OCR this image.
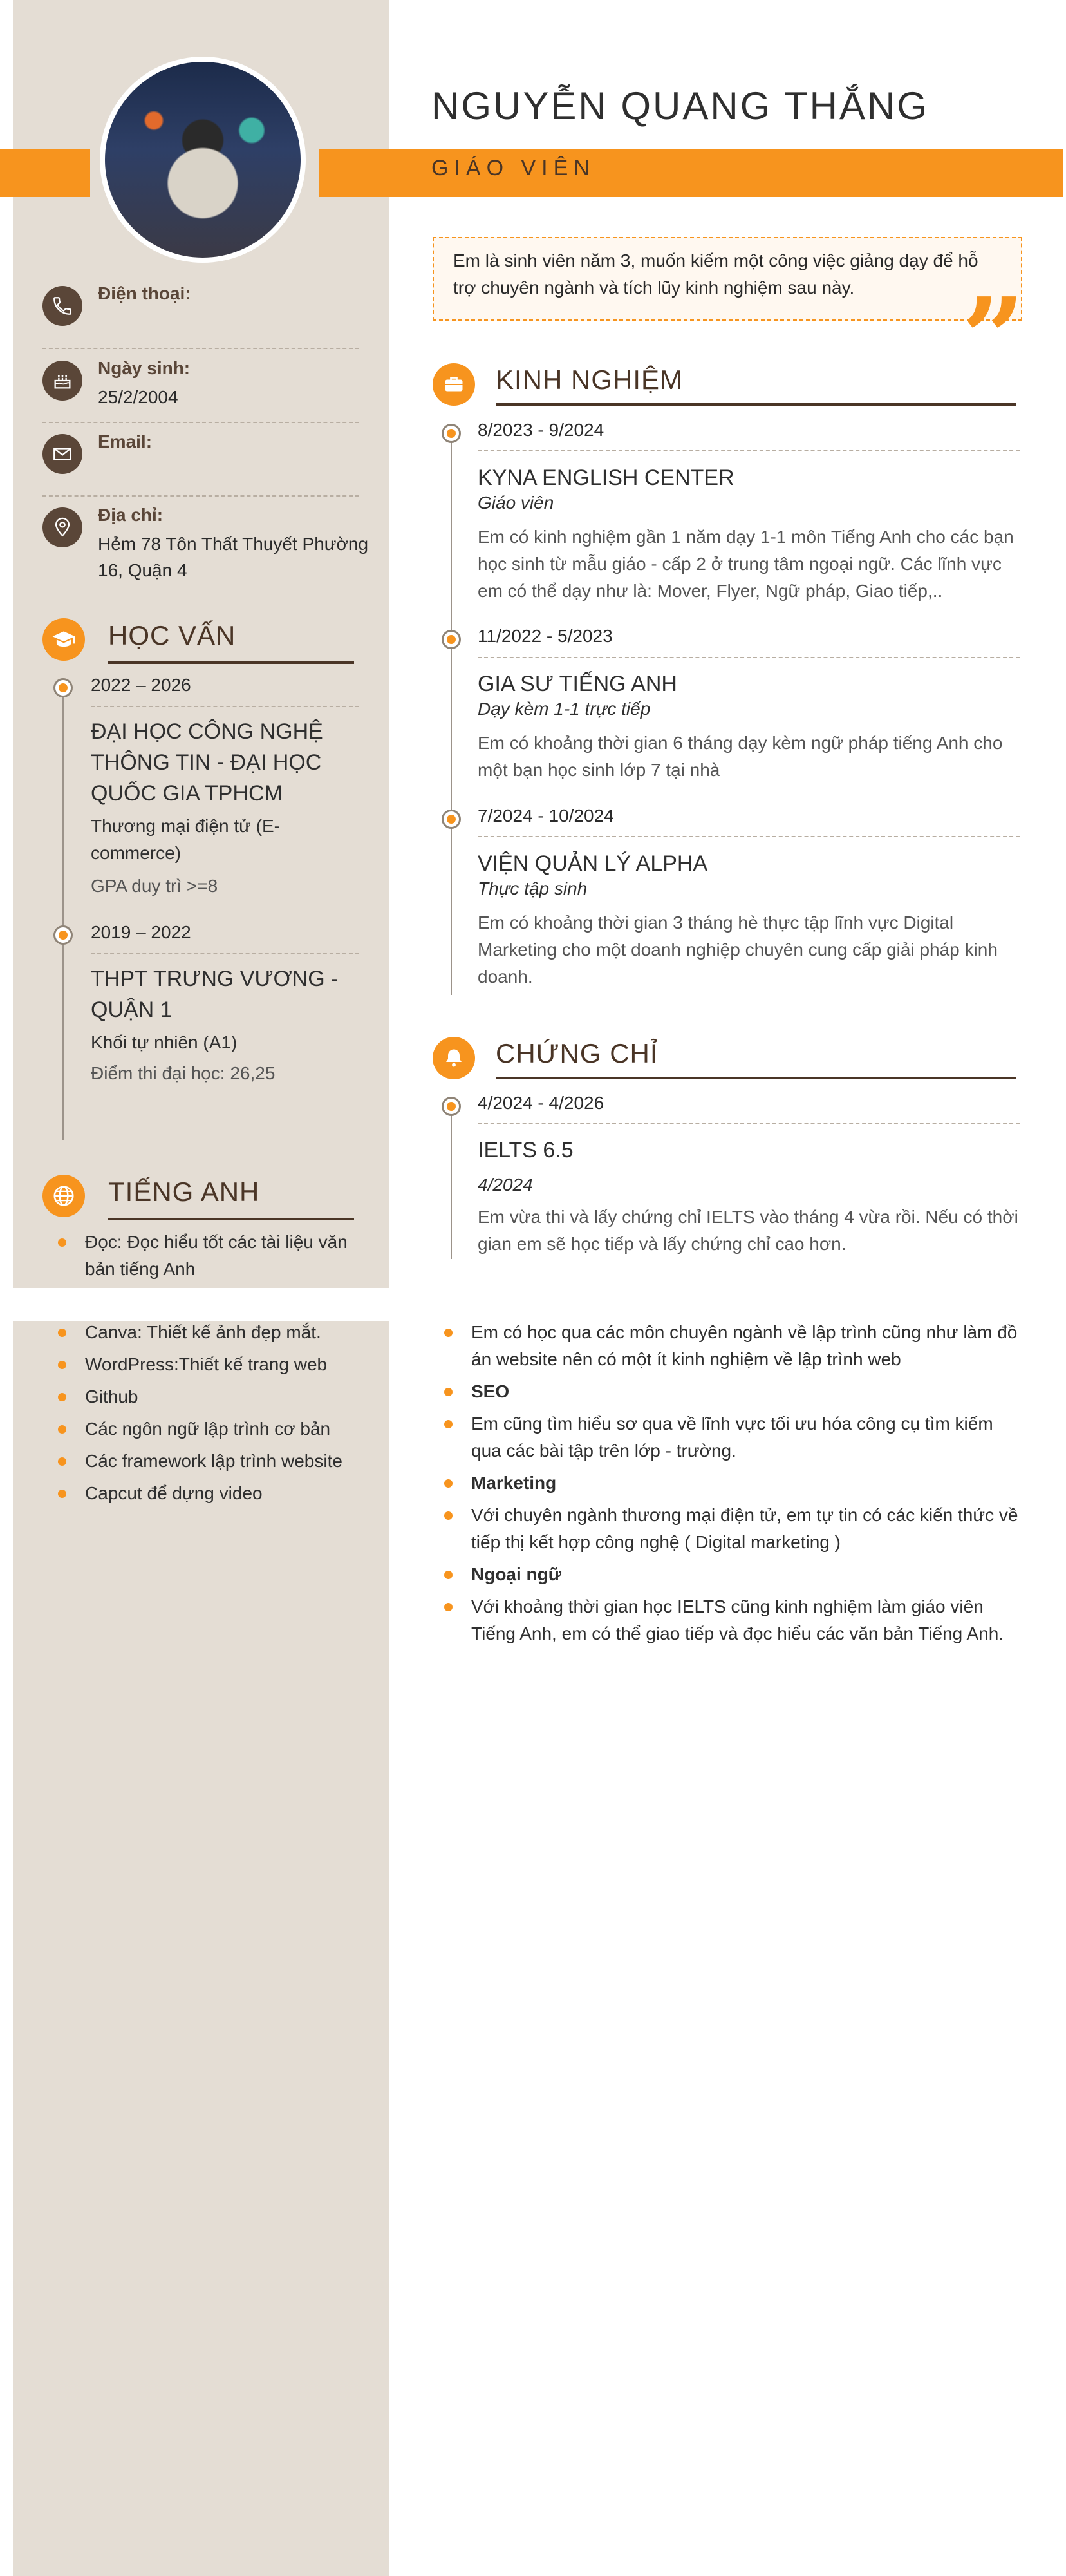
NGUYỄN QUANG THẮNG
GIÁO VIÊN
Em là sinh viên năm 3, muốn kiếm một công việc giảng dạy để hỗ trợ chuyên ngành và tích lũy kinh nghiệm sau này. ”
Điện thoại:
Ngày sinh:
25/2/2004
Email:
Địa chỉ:
Hẻm 78 Tôn Thất Thuyết Phường 16, Quận 4
HỌC VẤN
2022 – 2026
ĐẠI HỌC CÔNG NGHỆ THÔNG TIN - ĐẠI HỌC QUỐC GIA TPHCM
Thương mại điện tử (E-commerce)
GPA duy trì >=8
2019 – 2022
THPT TRƯNG VƯƠNG - QUẬN 1
Khối tự nhiên (A1)
Điểm thi đại học: 26,25
TIẾNG ANH
Đọc: Đọc hiểu tốt các tài liệu văn bản tiếng Anh
Canva: Thiết kế ảnh đẹp mắt.
WordPress:Thiết kế trang web
Github
Các ngôn ngữ lập trình cơ bản
Các framework lập trình website
Capcut để dựng video
KINH NGHIỆM
8/2023 - 9/2024
KYNA ENGLISH CENTER
Giáo viên
Em có kinh nghiệm gần 1 năm dạy 1-1 môn Tiếng Anh cho các bạn học sinh từ mẫu giáo - cấp 2 ở trung tâm ngoại ngữ. Các lĩnh vực em có thể dạy như là: Mover, Flyer, Ngữ pháp, Giao tiếp,..
11/2022 - 5/2023
GIA SƯ TIẾNG ANH
Dạy kèm 1-1 trực tiếp
Em có khoảng thời gian 6 tháng dạy kèm ngữ pháp tiếng Anh cho một bạn học sinh lớp 7 tại nhà
7/2024 - 10/2024
VIỆN QUẢN LÝ ALPHA
Thực tập sinh
Em có khoảng thời gian 3 tháng hè thực tập lĩnh vực Digital Marketing cho một doanh nghiệp chuyên cung cấp giải pháp kinh doanh.
CHỨNG CHỈ
4/2024 - 4/2026
IELTS 6.5
4/2024
Em vừa thi và lấy chứng chỉ IELTS vào tháng 4 vừa rồi. Nếu có thời gian em sẽ học tiếp và lấy chứng chỉ cao hơn.
Em có học qua các môn chuyên ngành về lập trình cũng như làm đồ án website nên có một ít kinh nghiệm về lập trình web
SEO
Em cũng tìm hiểu sơ qua về lĩnh vực tối ưu hóa công cụ tìm kiếm qua các bài tập trên lớp - trường.
Marketing
Với chuyên ngành thương mại điện tử, em tự tin có các kiến thức về tiếp thị kết hợp công nghệ ( Digital marketing )
Ngoại ngữ
Với khoảng thời gian học IELTS cũng kinh nghiệm làm giáo viên Tiếng Anh, em có thể giao tiếp và đọc hiểu các văn bản Tiếng Anh.
